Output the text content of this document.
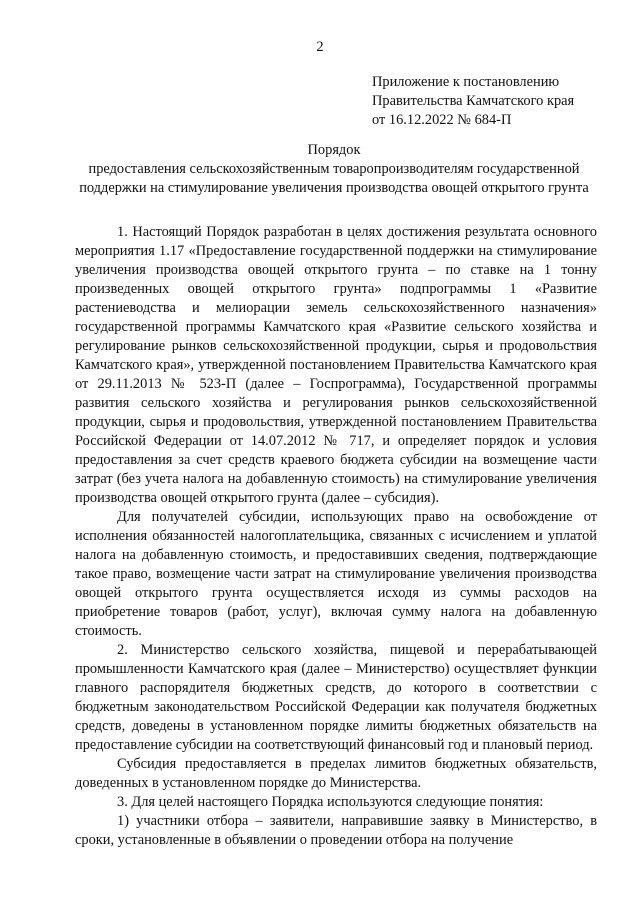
2
Приложение к постановлению
Правительства Камчатского края
от 16.12.2022 № 684-П
Порядок
предоставления сельскохозяйственным товаропроизводителям государственной поддержки на стимулирование увеличения производства овощей открытого грунта

1. Настоящий Порядок разработан в целях достижения результата основного мероприятия 1.17 «Предоставление государственной поддержки на стимулирование увеличения производства овощей открытого грунта – по ставке на 1 тонну произведенных овощей открытого грунта» подпрограммы 1 «Развитие растениеводства и мелиорации земель сельскохозяйственного назначения» государственной программы Камчатского края «Развитие сельского хозяйства и регулирование рынков сельскохозяйственной продукции, сырья и продовольствия Камчатского края», утвержденной постановлением Правительства Камчатского края от 29.11.2013 № 523-П (далее – Госпрограмма), Государственной программы развития сельского хозяйства и регулирования рынков сельскохозяйственной продукции, сырья и продовольствия, утвержденной постановлением Правительства Российской Федерации от 14.07.2012 № 717, и определяет порядок и условия предоставления за счет средств краевого бюджета субсидии на возмещение части затрат (без учета налога на добавленную стоимость) на стимулирование увеличения производства овощей открытого грунта (далее – субсидия).

Для получателей субсидии, использующих право на освобождение от исполнения обязанностей налогоплательщика, связанных с исчислением и уплатой налога на добавленную стоимость, и предоставивших сведения, подтверждающие такое право, возмещение части затрат на стимулирование увеличения производства овощей открытого грунта осуществляется исходя из суммы расходов на приобретение товаров (работ, услуг), включая сумму налога на добавленную стоимость.

2. Министерство сельского хозяйства, пищевой и перерабатывающей промышленности Камчатского края (далее – Министерство) осуществляет функции главного распорядителя бюджетных средств, до которого в соответствии с бюджетным законодательством Российской Федерации как получателя бюджетных средств, доведены в установленном порядке лимиты бюджетных обязательств на предоставление субсидии на соответствующий финансовый год и плановый период.

Субсидия предоставляется в пределах лимитов бюджетных обязательств, доведенных в установленном порядке до Министерства.

3. Для целей настоящего Порядка используются следующие понятия:

1) участники отбора – заявители, направившие заявку в Министерство, в сроки, установленные в объявлении о проведении отбора на получение
